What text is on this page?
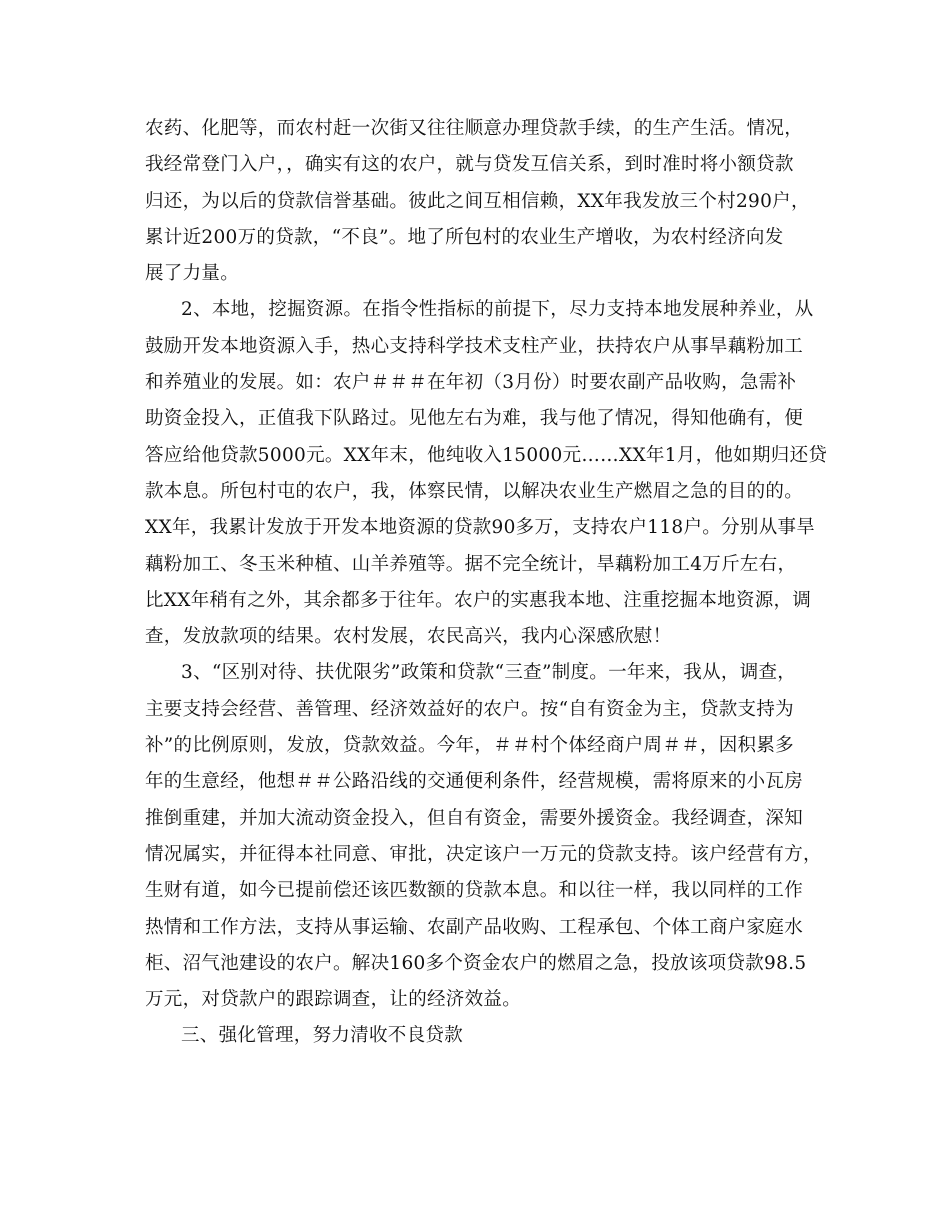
农药、化肥等，而农村赶一次街又往往顺意办理贷款手续，的生产生活。情况，
我经常登门入户，，确实有这的农户，就与贷发互信关系，到时准时将小额贷款
归还，为以后的贷款信誉基础。彼此之间互相信赖，XX年我发放三个村290户，
累计近200万的贷款，“不良”。地了所包村的农业生产增收，为农村经济向发
展了力量。
2、本地，挖掘资源。在指令性指标的前提下，尽力支持本地发展种养业，从
鼓励开发本地资源入手，热心支持科学技术支柱产业，扶持农户从事旱藕粉加工
和养殖业的发展。如：农户＃＃＃在年初（3月份）时要农副产品收购，急需补
助资金投入，正值我下队路过。见他左右为难，我与他了情况，得知他确有，便
答应给他贷款5000元。XX年末，他纯收入15000元……XX年1月，他如期归还贷
款本息。所包村屯的农户，我，体察民情，以解决农业生产燃眉之急的目的的。
XX年，我累计发放于开发本地资源的贷款90多万，支持农户118户。分别从事旱
藕粉加工、冬玉米种植、山羊养殖等。据不完全统计，旱藕粉加工4万斤左右，
比XX年稍有之外，其余都多于往年。农户的实惠我本地、注重挖掘本地资源，调
查，发放款项的结果。农村发展，农民高兴，我内心深感欣慰！
3、“区别对待、扶优限劣”政策和贷款“三查”制度。一年来，我从，调查，
主要支持会经营、善管理、经济效益好的农户。按“自有资金为主，贷款支持为
补”的比例原则，发放，贷款效益。今年，＃＃村个体经商户周＃＃，因积累多
年的生意经，他想＃＃公路沿线的交通便利条件，经营规模，需将原来的小瓦房
推倒重建，并加大流动资金投入，但自有资金，需要外援资金。我经调查，深知
情况属实，并征得本社同意、审批，决定该户一万元的贷款支持。该户经营有方，
生财有道，如今已提前偿还该匹数额的贷款本息。和以往一样，我以同样的工作
热情和工作方法，支持从事运输、农副产品收购、工程承包、个体工商户家庭水
柜、沼气池建设的农户。解决160多个资金农户的燃眉之急，投放该项贷款98.5
万元，对贷款户的跟踪调查，让的经济效益。
三、强化管理，努力清收不良贷款
